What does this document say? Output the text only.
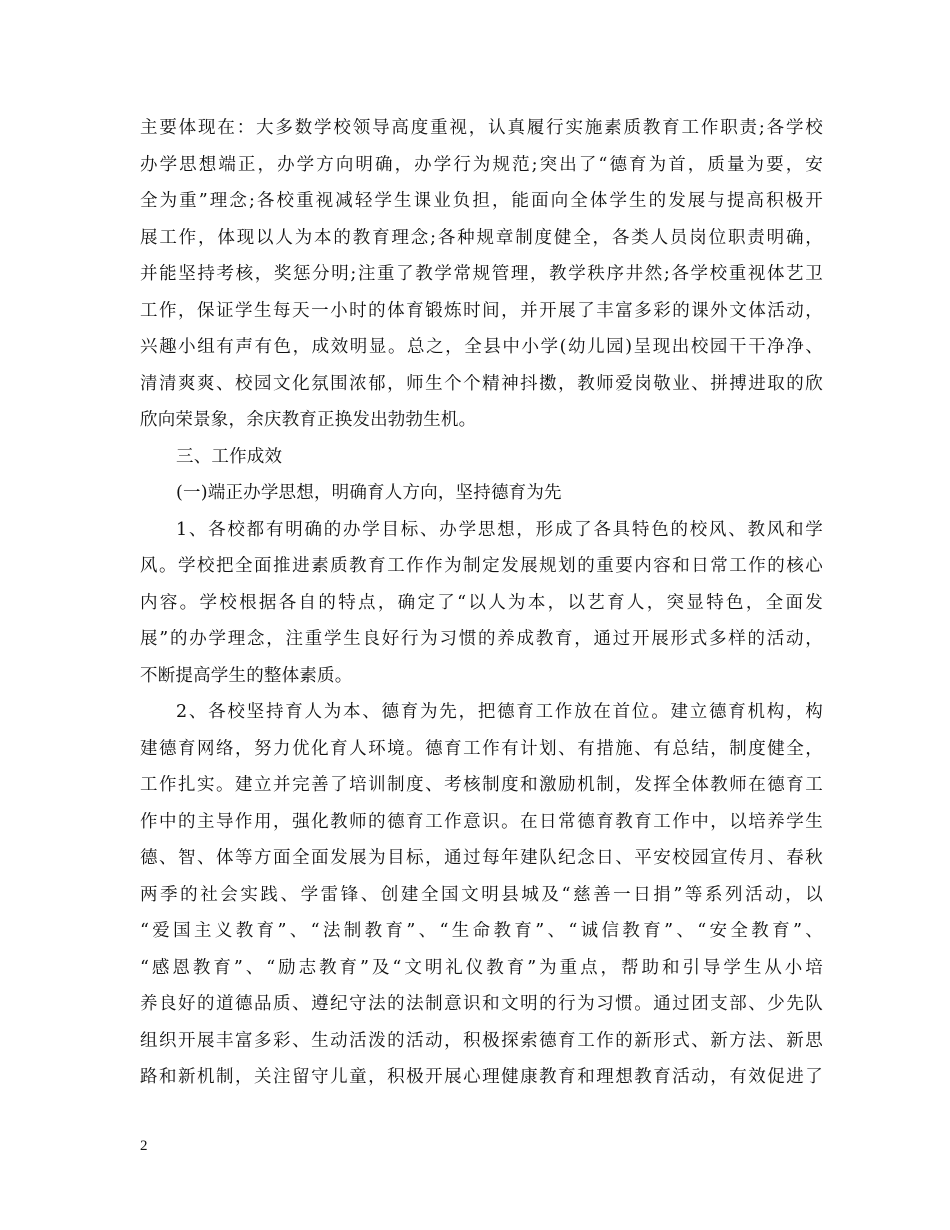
主要体现在：大多数学校领导高度重视，认真履行实施素质教育工作职责;各学校
办学思想端正，办学方向明确，办学行为规范;突出了“德育为首，质量为要，安
全为重”理念;各校重视减轻学生课业负担，能面向全体学生的发展与提高积极开
展工作，体现以人为本的教育理念;各种规章制度健全，各类人员岗位职责明确，
并能坚持考核，奖惩分明;注重了教学常规管理，教学秩序井然;各学校重视体艺卫
工作，保证学生每天一小时的体育锻炼时间，并开展了丰富多彩的课外文体活动，
兴趣小组有声有色，成效明显。总之，全县中小学(幼儿园)呈现出校园干干净净、
清清爽爽、校园文化氛围浓郁，师生个个精神抖擞，教师爱岗敬业、拼搏进取的欣
欣向荣景象，余庆教育正换发出勃勃生机。
三、工作成效
(一)端正办学思想，明确育人方向，坚持德育为先
1、各校都有明确的办学目标、办学思想，形成了各具特色的校风、教风和学
风。学校把全面推进素质教育工作作为制定发展规划的重要内容和日常工作的核心
内容。学校根据各自的特点，确定了“以人为本，以艺育人，突显特色，全面发
展”的办学理念，注重学生良好行为习惯的养成教育，通过开展形式多样的活动，
不断提高学生的整体素质。
2、各校坚持育人为本、德育为先，把德育工作放在首位。建立德育机构，构
建德育网络，努力优化育人环境。德育工作有计划、有措施、有总结，制度健全，
工作扎实。建立并完善了培训制度、考核制度和激励机制，发挥全体教师在德育工
作中的主导作用，强化教师的德育工作意识。在日常德育教育工作中，以培养学生
德、智、体等方面全面发展为目标，通过每年建队纪念日、平安校园宣传月、春秋
两季的社会实践、学雷锋、创建全国文明县城及“慈善一日捐”等系列活动，以
“爱国主义教育”、“法制教育”、“生命教育”、“诚信教育”、“安全教育”、
“感恩教育”、“励志教育”及“文明礼仪教育”为重点，帮助和引导学生从小培
养良好的道德品质、遵纪守法的法制意识和文明的行为习惯。通过团支部、少先队
组织开展丰富多彩、生动活泼的活动，积极探索德育工作的新形式、新方法、新思
路和新机制，关注留守儿童，积极开展心理健康教育和理想教育活动，有效促进了
2
